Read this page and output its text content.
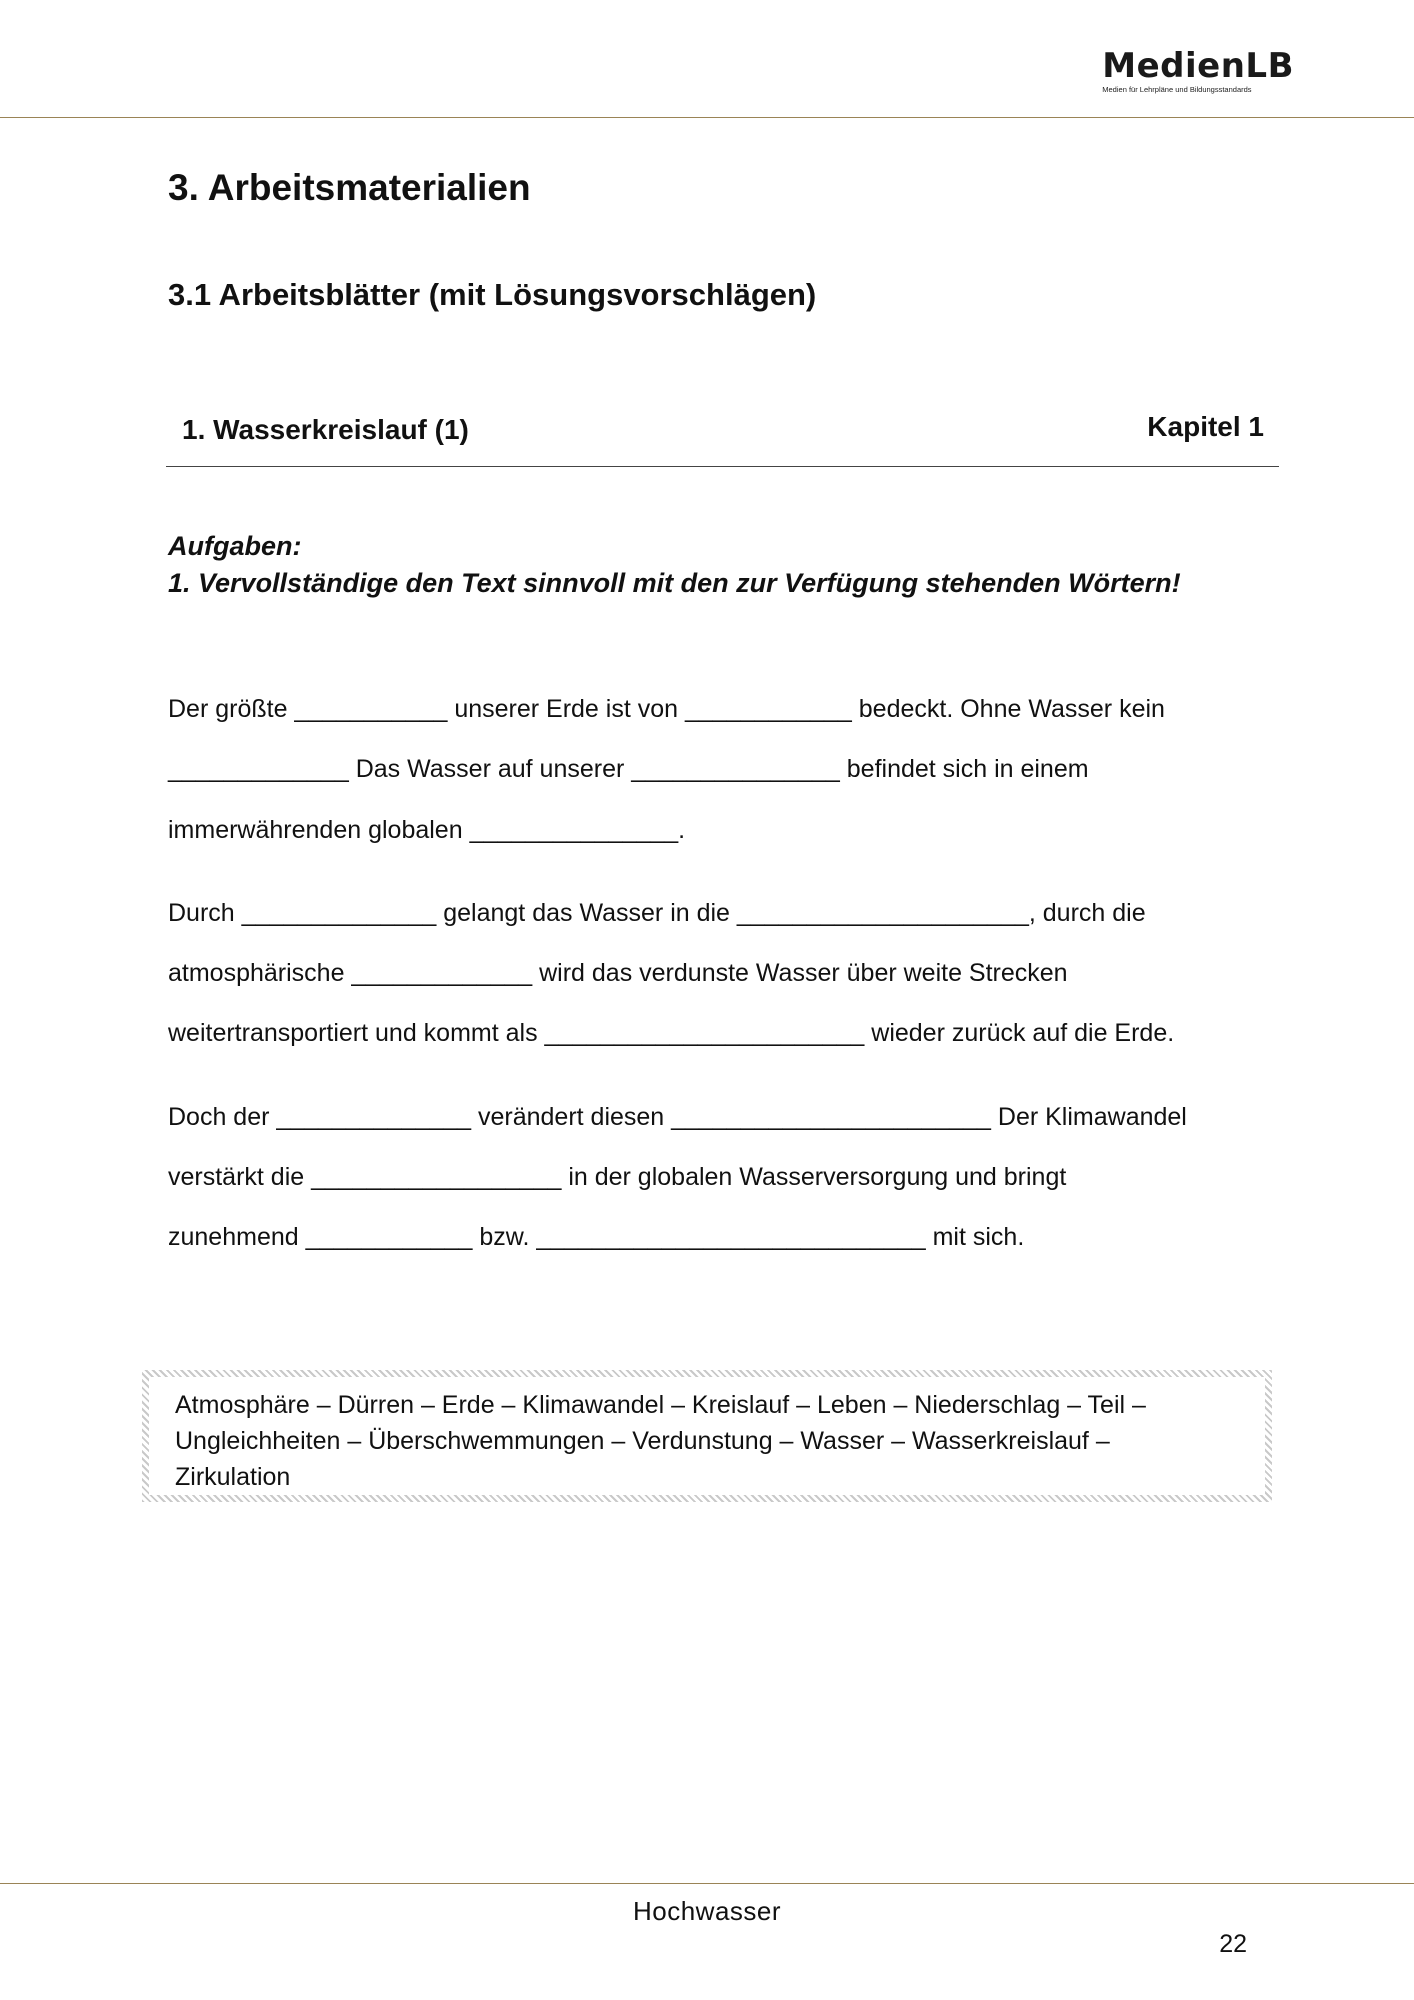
MedienLB
Medien für Lehrpläne und Bildungsstandards
3. Arbeitsmaterialien
3.1 Arbeitsblätter (mit Lösungsvorschlägen)
1. Wasserkreislauf (1)	Kapitel 1
Aufgaben:
1. Vervollständige den Text sinnvoll mit den zur Verfügung stehenden Wörtern!
Der größte ___________ unserer Erde ist von ____________ bedeckt. Ohne Wasser kein
_____________ Das Wasser auf unserer _______________ befindet sich in einem
immerwährenden globalen _______________.
Durch ______________ gelangt das Wasser in die _____________________, durch die
atmosphärische _____________ wird das verdunste Wasser über weite Strecken
weitertransportiert und kommt als _______________________ wieder zurück auf die Erde.
Doch der ______________ verändert diesen _______________________ Der Klimawandel
verstärkt die __________________ in der globalen Wasserversorgung und bringt
zunehmend ____________ bzw. ____________________________ mit sich.
Atmosphäre – Dürren – Erde – Klimawandel – Kreislauf – Leben – Niederschlag – Teil –
Ungleichheiten – Überschwemmungen – Verdunstung – Wasser – Wasserkreislauf –
Zirkulation
Hochwasser
22
